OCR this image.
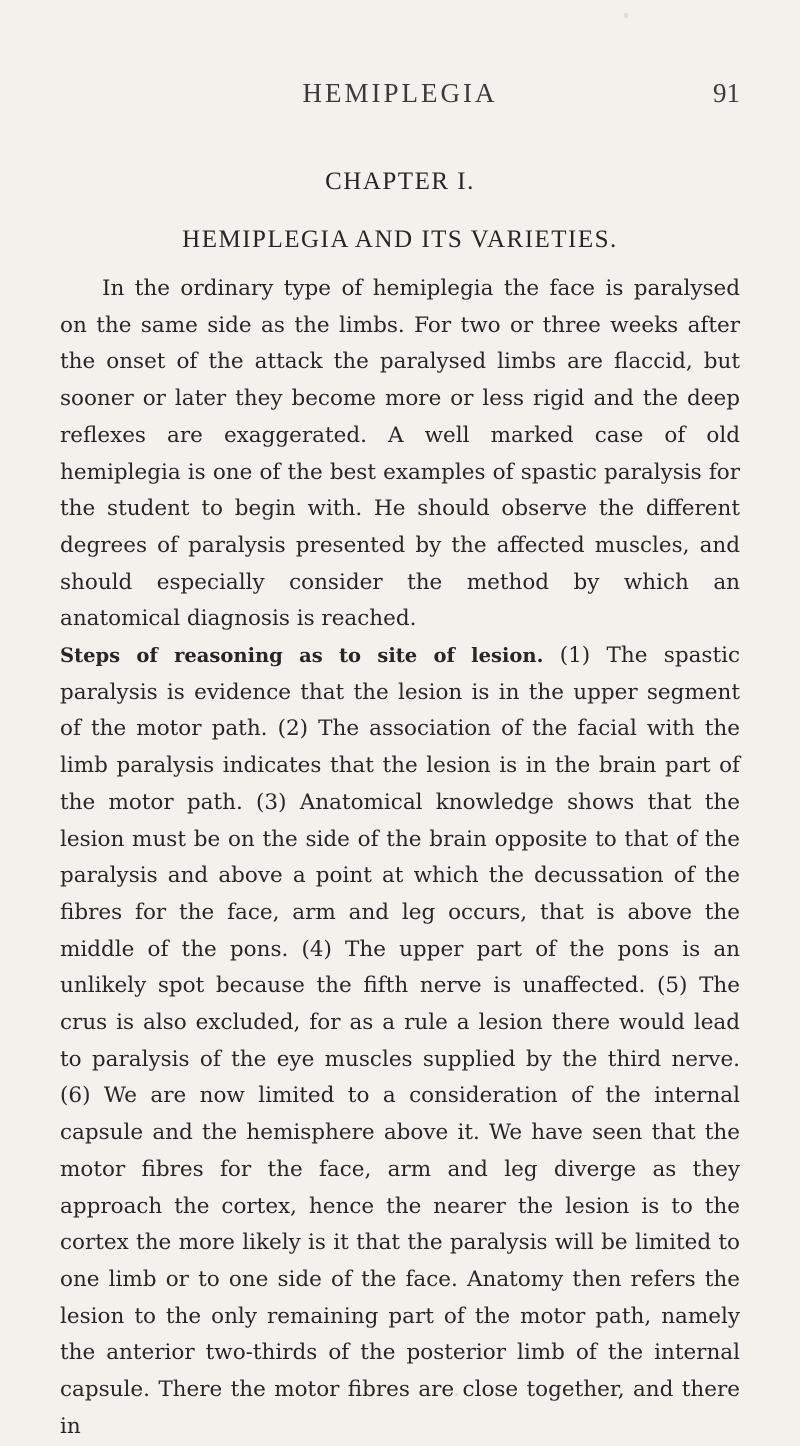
HEMIPLEGIA	91
CHAPTER I.
HEMIPLEGIA AND ITS VARIETIES.

In the ordinary type of hemiplegia the face is paralysed on the same side as the limbs. For two or three weeks after the onset of the attack the paralysed limbs are flaccid, but sooner or later they become more or less rigid and the deep reflexes are exaggerated. A well marked case of old hemiplegia is one of the best examples of spastic paralysis for the student to begin with. He should observe the different degrees of paralysis presented by the affected muscles, and should especially consider the method by which an anatomical diagnosis is reached.

Steps of reasoning as to site of lesion. (1) The spastic paralysis is evidence that the lesion is in the upper segment of the motor path. (2) The association of the facial with the limb paralysis indicates that the lesion is in the brain part of the motor path. (3) Anatomical knowledge shows that the lesion must be on the side of the brain opposite to that of the paralysis and above a point at which the decussation of the fibres for the face, arm and leg occurs, that is above the middle of the pons. (4) The upper part of the pons is an unlikely spot because the fifth nerve is unaffected. (5) The crus is also excluded, for as a rule a lesion there would lead to paralysis of the eye muscles supplied by the third nerve. (6) We are now limited to a consideration of the internal capsule and the hemisphere above it. We have seen that the motor fibres for the face, arm and leg diverge as they approach the cortex, hence the nearer the lesion is to the cortex the more likely is it that the paralysis will be limited to one limb or to one side of the face. Anatomy then refers the lesion to the only remaining part of the motor path, namely the anterior two-thirds of the posterior limb of the internal capsule. There the motor fibres are close together, and there in
